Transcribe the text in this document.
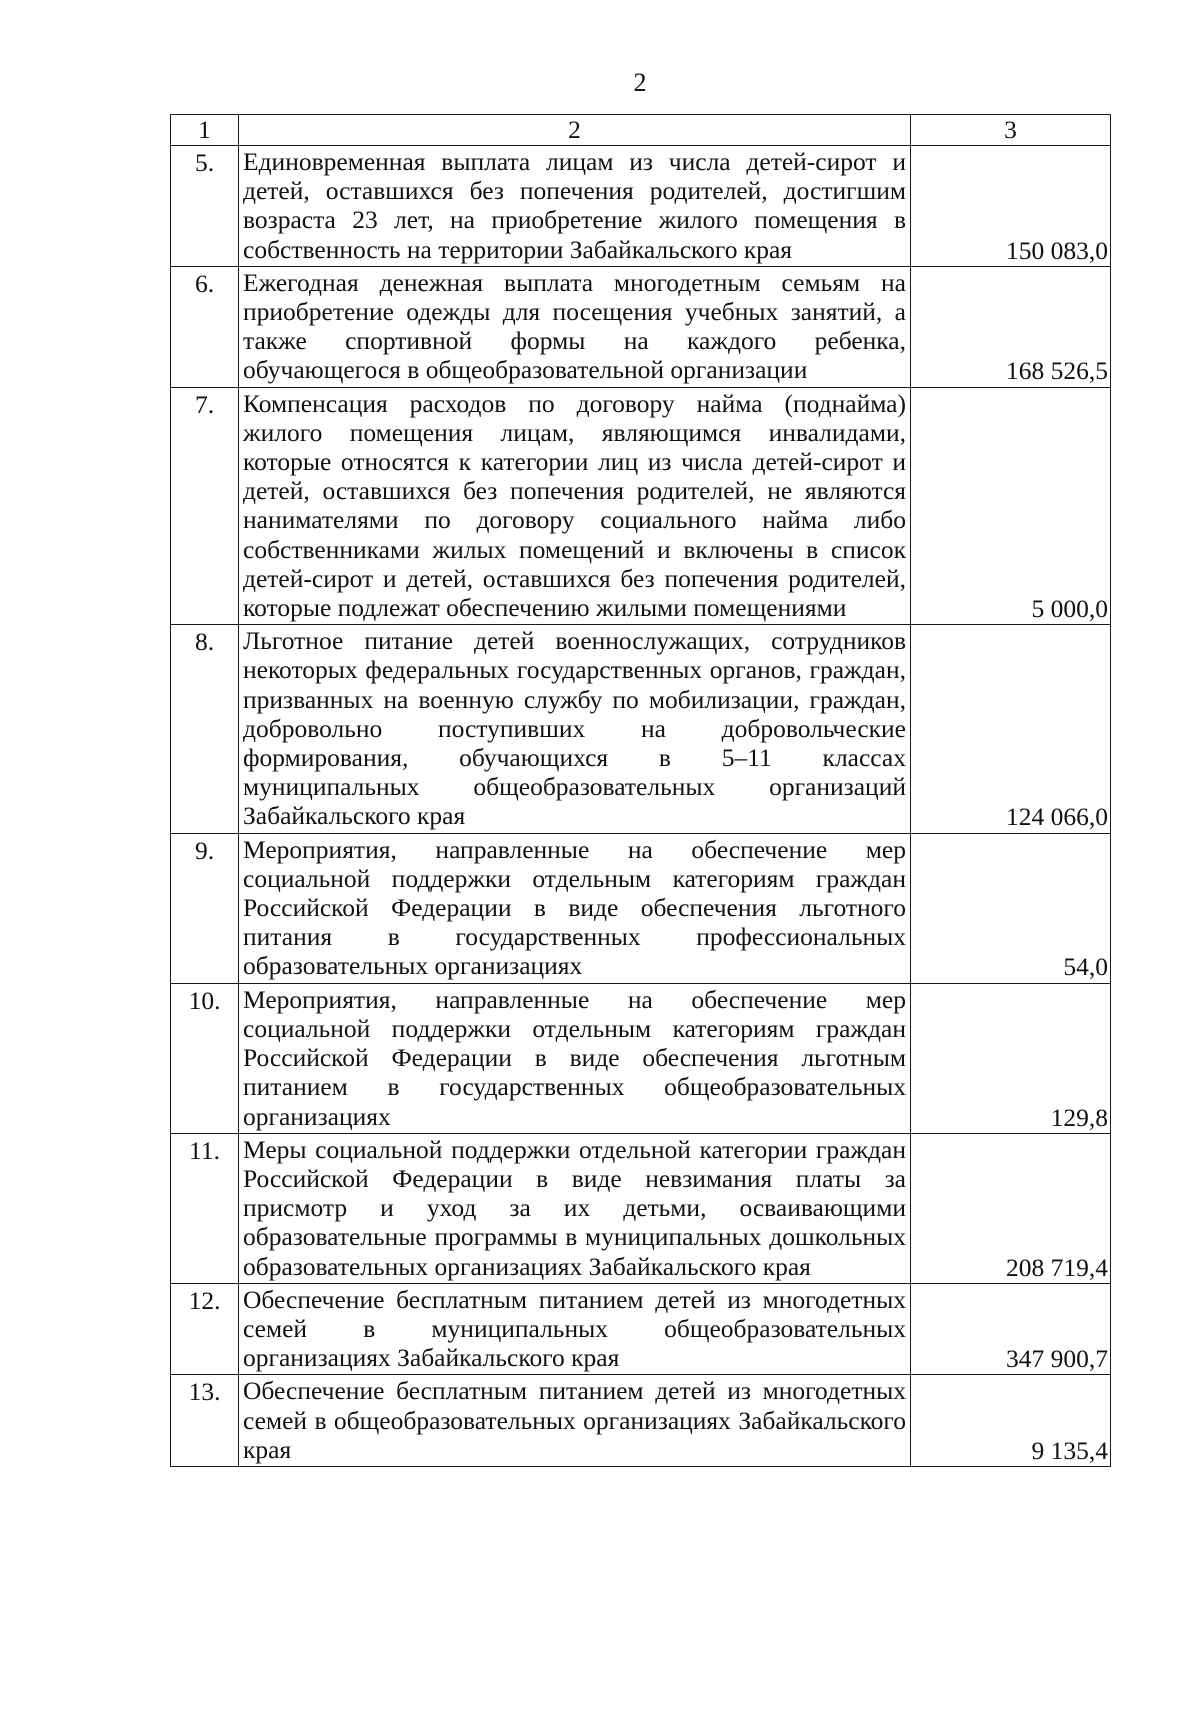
2
1	2	3
5.	Единовременная выплата лицам из числа детей-сирот и детей, оставшихся без попечения родителей, достигшим возраста 23 лет, на приобретение жилого помещения в собственность на территории Забайкальского края	150 083,0
6.	Ежегодная денежная выплата многодетным семьям на приобретение одежды для посещения учебных занятий, а также спортивной формы на каждого ребенка, обучающегося в общеобразовательной организации	168 526,5
7.	Компенсация расходов по договору найма (поднайма) жилого помещения лицам, являющимся инвалидами, которые относятся к категории лиц из числа детей-сирот и детей, оставшихся без попечения родителей, не являются нанимателями по договору социального найма либо собственниками жилых помещений и включены в список детей-сирот и детей, оставшихся без попечения родителей, которые подлежат обеспечению жилыми помещениями	5 000,0
8.	Льготное питание детей военнослужащих, сотрудников некоторых федеральных государственных органов, граждан, призванных на военную службу по мобилизации, граждан, добровольно поступивших на добровольческие формирования, обучающихся в 5–11 классах муниципальных общеобразовательных организаций Забайкальского края	124 066,0
9.	Мероприятия, направленные на обеспечение мер социальной поддержки отдельным категориям граждан Российской Федерации в виде обеспечения льготного питания в государственных профессиональных образовательных организациях	54,0
10.	Мероприятия, направленные на обеспечение мер социальной поддержки отдельным категориям граждан Российской Федерации в виде обеспечения льготным питанием в государственных общеобразовательных организациях	129,8
11.	Меры социальной поддержки отдельной категории граждан Российской Федерации в виде невзимания платы за присмотр и уход за их детьми, осваивающими образовательные программы в муниципальных дошкольных образовательных организациях Забайкальского края	208 719,4
12.	Обеспечение бесплатным питанием детей из многодетных семей в муниципальных общеобразовательных организациях Забайкальского края	347 900,7
13.	Обеспечение бесплатным питанием детей из многодетных семей в общеобразовательных организациях Забайкальского края	9 135,4
